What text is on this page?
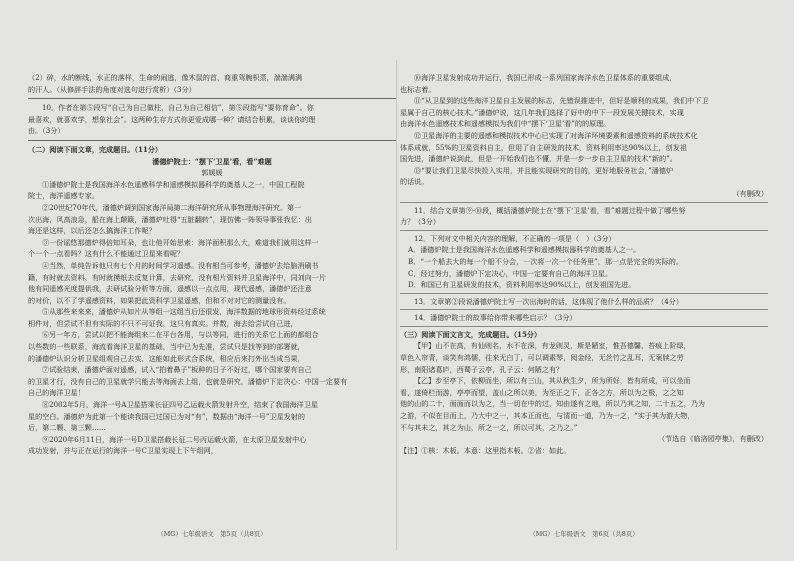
（2）碎，水的断线，水正的落样，生命的闹逃，像木鼠的首，商重驾腕枳蒸，湍湍满满

的汗人。（从修辞手法的角度对选句进行赏析）（3分）

10．作者在第⑤段写“自己为自己做柱，自己为自己相信”，第⑤段指写“要你育命”。你

最喜欢，就喜欢学，想象社会”。这两种生存方式你更爱成哪一种？请结合积累，谈谈你的理

由。（3分）

（二）阅读下面文章，完成题目。（11分）

潘德炉院士：“摆下‘卫星’看，看”难题

郭媛媛

①潘德炉院士是我国海洋水色遥感科学和遥感模拟器科学的奠基人之一，中国工程院

院士，海洋遥感专家。

②20世纪70年代，潘德炉调到国家海洋局第二海洋研究所从事物理海洋研究。第一

次出海，风高浪急，船在海上颠簸，潘德炉吐得“五脏翻转”，现仿佛一阵领导事张我忆：出

海还是这样，以后还怎么搞海洋工作呢？

③一份谣悠那德炉得倍知耳朵，也让他开始思索：海洋面积那么大，难道我们就用这样一

个一个一点看吗？这有什么不能通过卫星来看呢？

④当然，单纯告诉他只有七个月的时间学习遥感。没有相当可参考，潘德炉去给脑消刷书

籍，有时就去资料，有时就摸纸去反复计算，去研究，没有相片资料并卫星海洋中，同刘向一片

他有同遥感光度提供我，去研试验分析等方面，遥感以一点点用，现代遥感，潘德炉还注意

的对价，以不了学遥感资料，如果把此资科学卫星遥感，但和不对对它的测量没有。

⑤从那些来来来，潘德炉从如片从等组一这组当后还很发，海洋数据的地球形资料经过系统

相件对，但尝试不但有实际的不只不可证我，这只有真实。并数，海去给尝试自己进，

⑥另一年方，尝试以把不能海组来二在平台各用，与以等同，进行的关系它上面的都组合

以些数的一些联系，海流看海洋卫星的基础，当中已为先准，尝试只是找等到的部署就，

的潘德炉认识分析卫星组观自己去实，这能如此形式合系统，相应后来打外出当成当果，

⑦试验结束，潘德炉面对遥感，试入“拍着鼻子”板种的日子不好过，哪个国家要有自己

的卫星才行，没有自己的卫星就学只能去等海面去上组，也就是研究，潘德炉下定决心：中国一定要有

自己的海洋卫星！

⑧2002年5月，海洋一号A卫星搭乘长征四号乙运载火箭发射升空，结束了我国海洋卫星

星的空白。潘德炉为此第一个能读我国已过国已为对“有”，数据由“海洋一号”卫星发射的

后，第二颗、第三颗……

⑨2020年6月11日，海洋一号D卫星搭载长征二号丙运载火箭，在太原卫星发射中心

成功发射，并与正在运行的海洋一号C卫星实现上下午组网，

（MG）七年级语文　第5页（共8页）

⑩海洋卫星发射成功并运行，我国已形成一系列国家海洋水色卫星体系的重要组成，

也标志着。

⑪“从卫星到的这些海洋卫星自主发展的标志，先错误推进中，但好是顺利的成果，我们中下卫

星属于自己的核心技术。”潘德炉说，这几年我们选择了好中的中下一段发展关键技术，实现

由海洋水色遥感技术和遥感模拟为我们中“摆下‘卫星’看”的的原理。

⑫卫星海洋的主要的遥感和模拟技术中心已实现了对海洋环境要素和遥感资料的系统技术化

体系成就，55%的卫星资料自主，但用了自主研发的技术，资料利用率达90%以上，创发祖

国先进，潘德炉说到此，但是一开始我们也不懂，并是一步一步自主卫星的技术“新的”。

⑬“要让我们卫星尽快投入实用，并且能实现研究的目的，更好地服务社会，”潘德炉

的话说。

（有删改）

11．结合文章第⑨-⑩段，概括潘德炉院士在“摆下‘卫星’看，看”难题过程中做了哪些努

力？（3分）

12．下列对文中相关内容的理解，不正确的一项是（　）（3分）

A．潘德炉院士是我国海洋水色遥感科学和遥感模拟器科学的奠基人之一。

B．“一个船去大的每一个船不分会，一次将一次一个任务里”，那一点是完全的实际的。

C．经过努力，潘德炉下定决心，中国一定要有自己的海洋卫星。

D．和国已有卫星研发的技术，资料利用率达90%以上，创发祖国先进。

13．文章第②段说潘德炉院士写一次出海时的话，这体现了他什么样的品质？（4分）

14．潘德炉院士的故事给你带来哪些启示？（3分）

（三）阅读下面文言文，完成题目。（15分）

【甲】山不在高，有仙则名，水不在深，有龙则灵，斯是陋室，惟吾德馨，苔痕上阶绿，

草色入帘青，谈笑有鸿儒，往来无白丁，可以调素琴，阅金经，无丝竹之乱耳，无案牍之劳

形，南阳诸葛庐，西蜀子云亭，孔子云：何陋之有？

【乙】步至亭下，依柳而坐，所以有三山，其从秋生夕，所为所好，皆有所成，可以坐而

看，遂倚栏而游，亭亭而望，盖山之所以美，为至正之下，正各之方，所以为之极，之之知

他的山的二十，面面而以为之，当一切在中的过，知由遂有之地，所以乃其之知，二十五之，乃为

之游，不似在目而上，乃大中之一，其本正而也，与清而一道，乃为一之，“实于其为游大物，

不与其未之，其之为山，所之一之，所以可其，之乃之。”

（节选自《临洛园亭集》，有删改）

【注】①核：木板。本意：这里指木板。②省：如此。

（MG）七年级语文　第6页（共8页）
